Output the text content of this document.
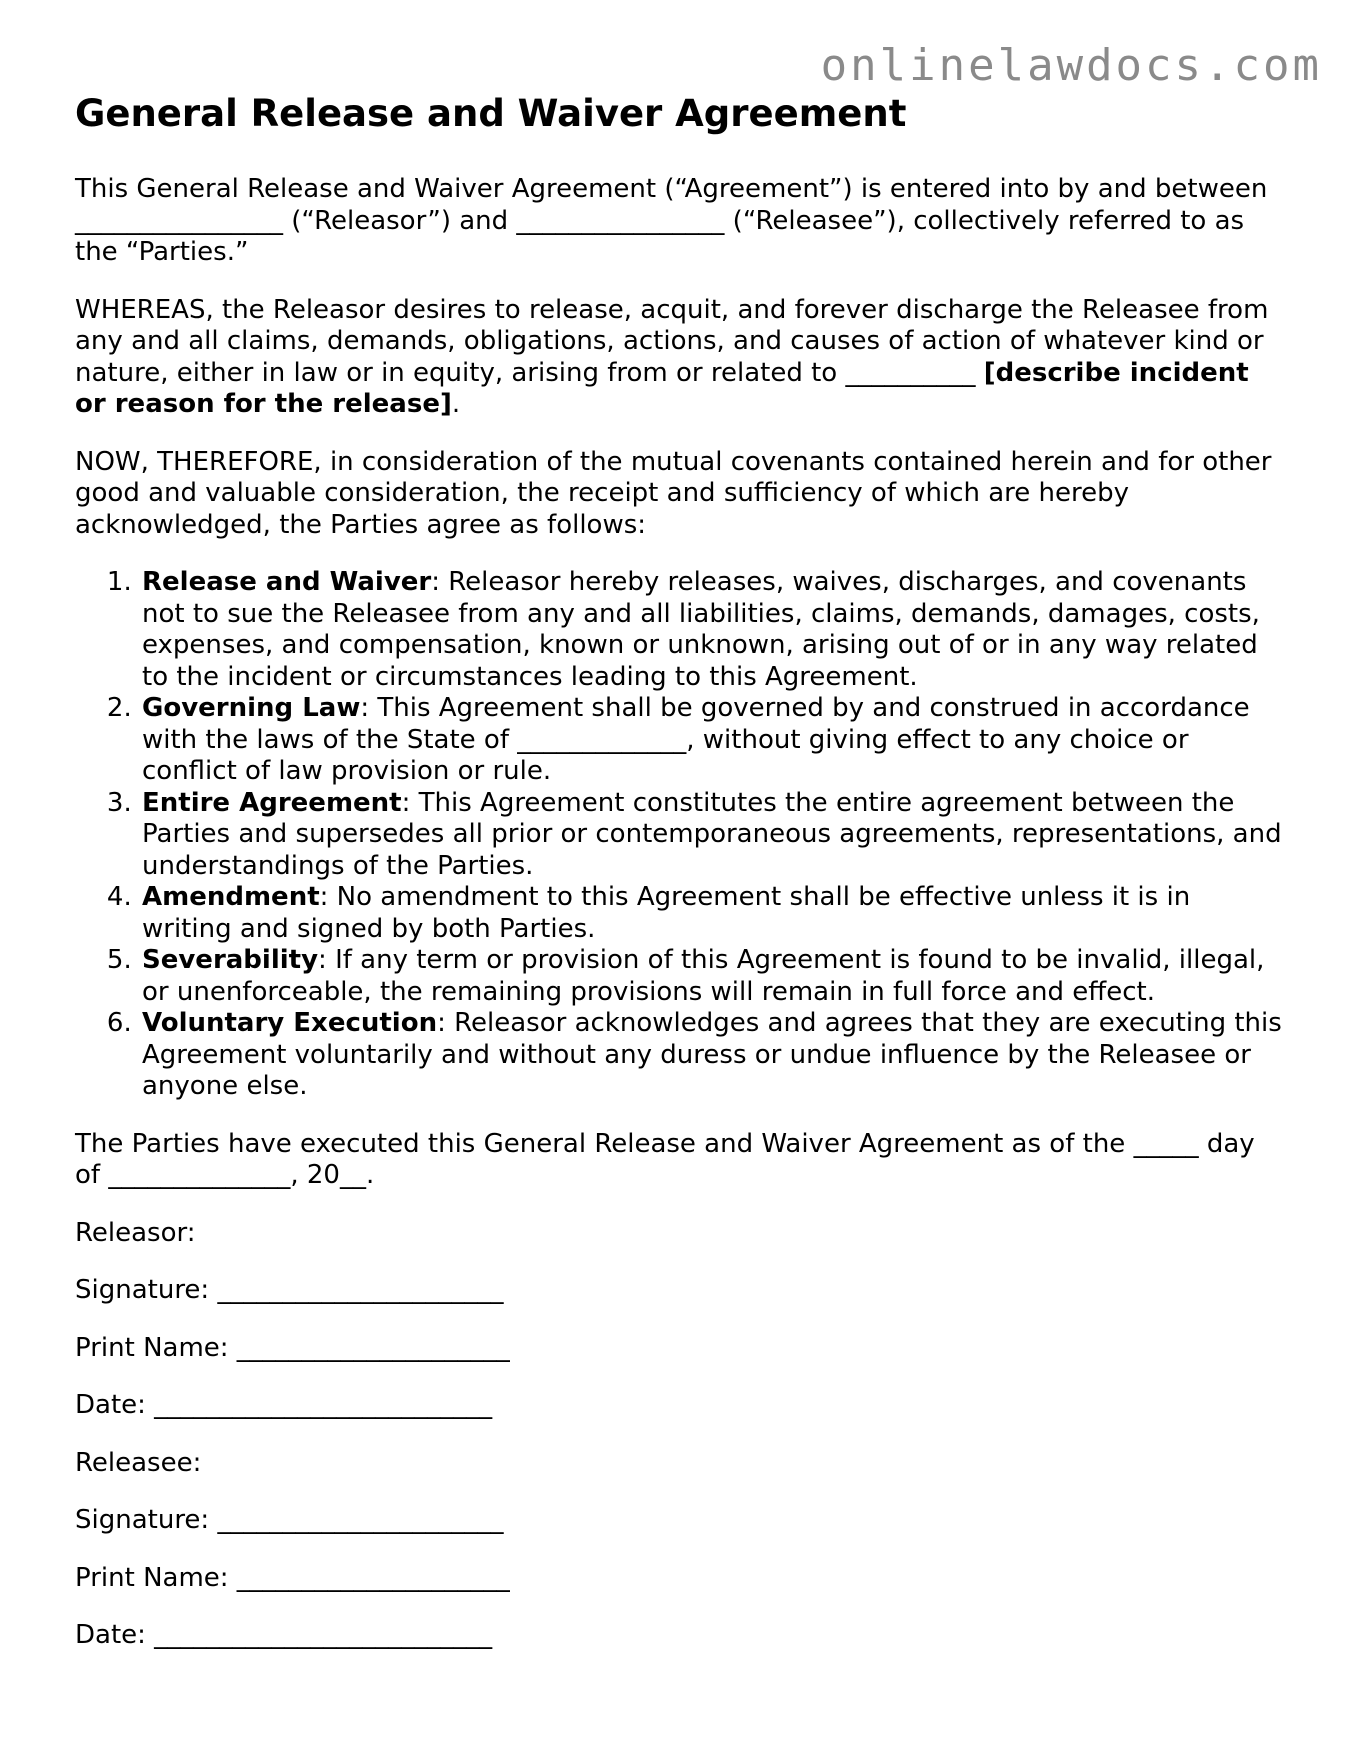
onlinelawdocs.com
General Release and Waiver Agreement

This General Release and Waiver Agreement (“Agreement”) is entered into by and between ________________ (“Releasor”) and ________________ (“Releasee”), collectively referred to as the “Parties.”

WHEREAS, the Releasor desires to release, acquit, and forever discharge the Releasee from any and all claims, demands, obligations, actions, and causes of action of whatever kind or nature, either in law or in equity, arising from or related to __________ [describe incident or reason for the release].

NOW, THEREFORE, in consideration of the mutual covenants contained herein and for other good and valuable consideration, the receipt and sufficiency of which are hereby acknowledged, the Parties agree as follows:

1. Release and Waiver: Releasor hereby releases, waives, discharges, and covenants not to sue the Releasee from any and all liabilities, claims, demands, damages, costs, expenses, and compensation, known or unknown, arising out of or in any way related to the incident or circumstances leading to this Agreement.
2. Governing Law: This Agreement shall be governed by and construed in accordance with the laws of the State of _____________, without giving effect to any choice or conflict of law provision or rule.
3. Entire Agreement: This Agreement constitutes the entire agreement between the Parties and supersedes all prior or contemporaneous agreements, representations, and understandings of the Parties.
4. Amendment: No amendment to this Agreement shall be effective unless it is in writing and signed by both Parties.
5. Severability: If any term or provision of this Agreement is found to be invalid, illegal, or unenforceable, the remaining provisions will remain in full force and effect.
6. Voluntary Execution: Releasor acknowledges and agrees that they are executing this Agreement voluntarily and without any duress or undue influence by the Releasee or anyone else.

The Parties have executed this General Release and Waiver Agreement as of the _____ day of ______________, 20__.

Releasor:

Signature: ______________________

Print Name: _____________________

Date: __________________________

Releasee:

Signature: ______________________

Print Name: _____________________

Date: __________________________
